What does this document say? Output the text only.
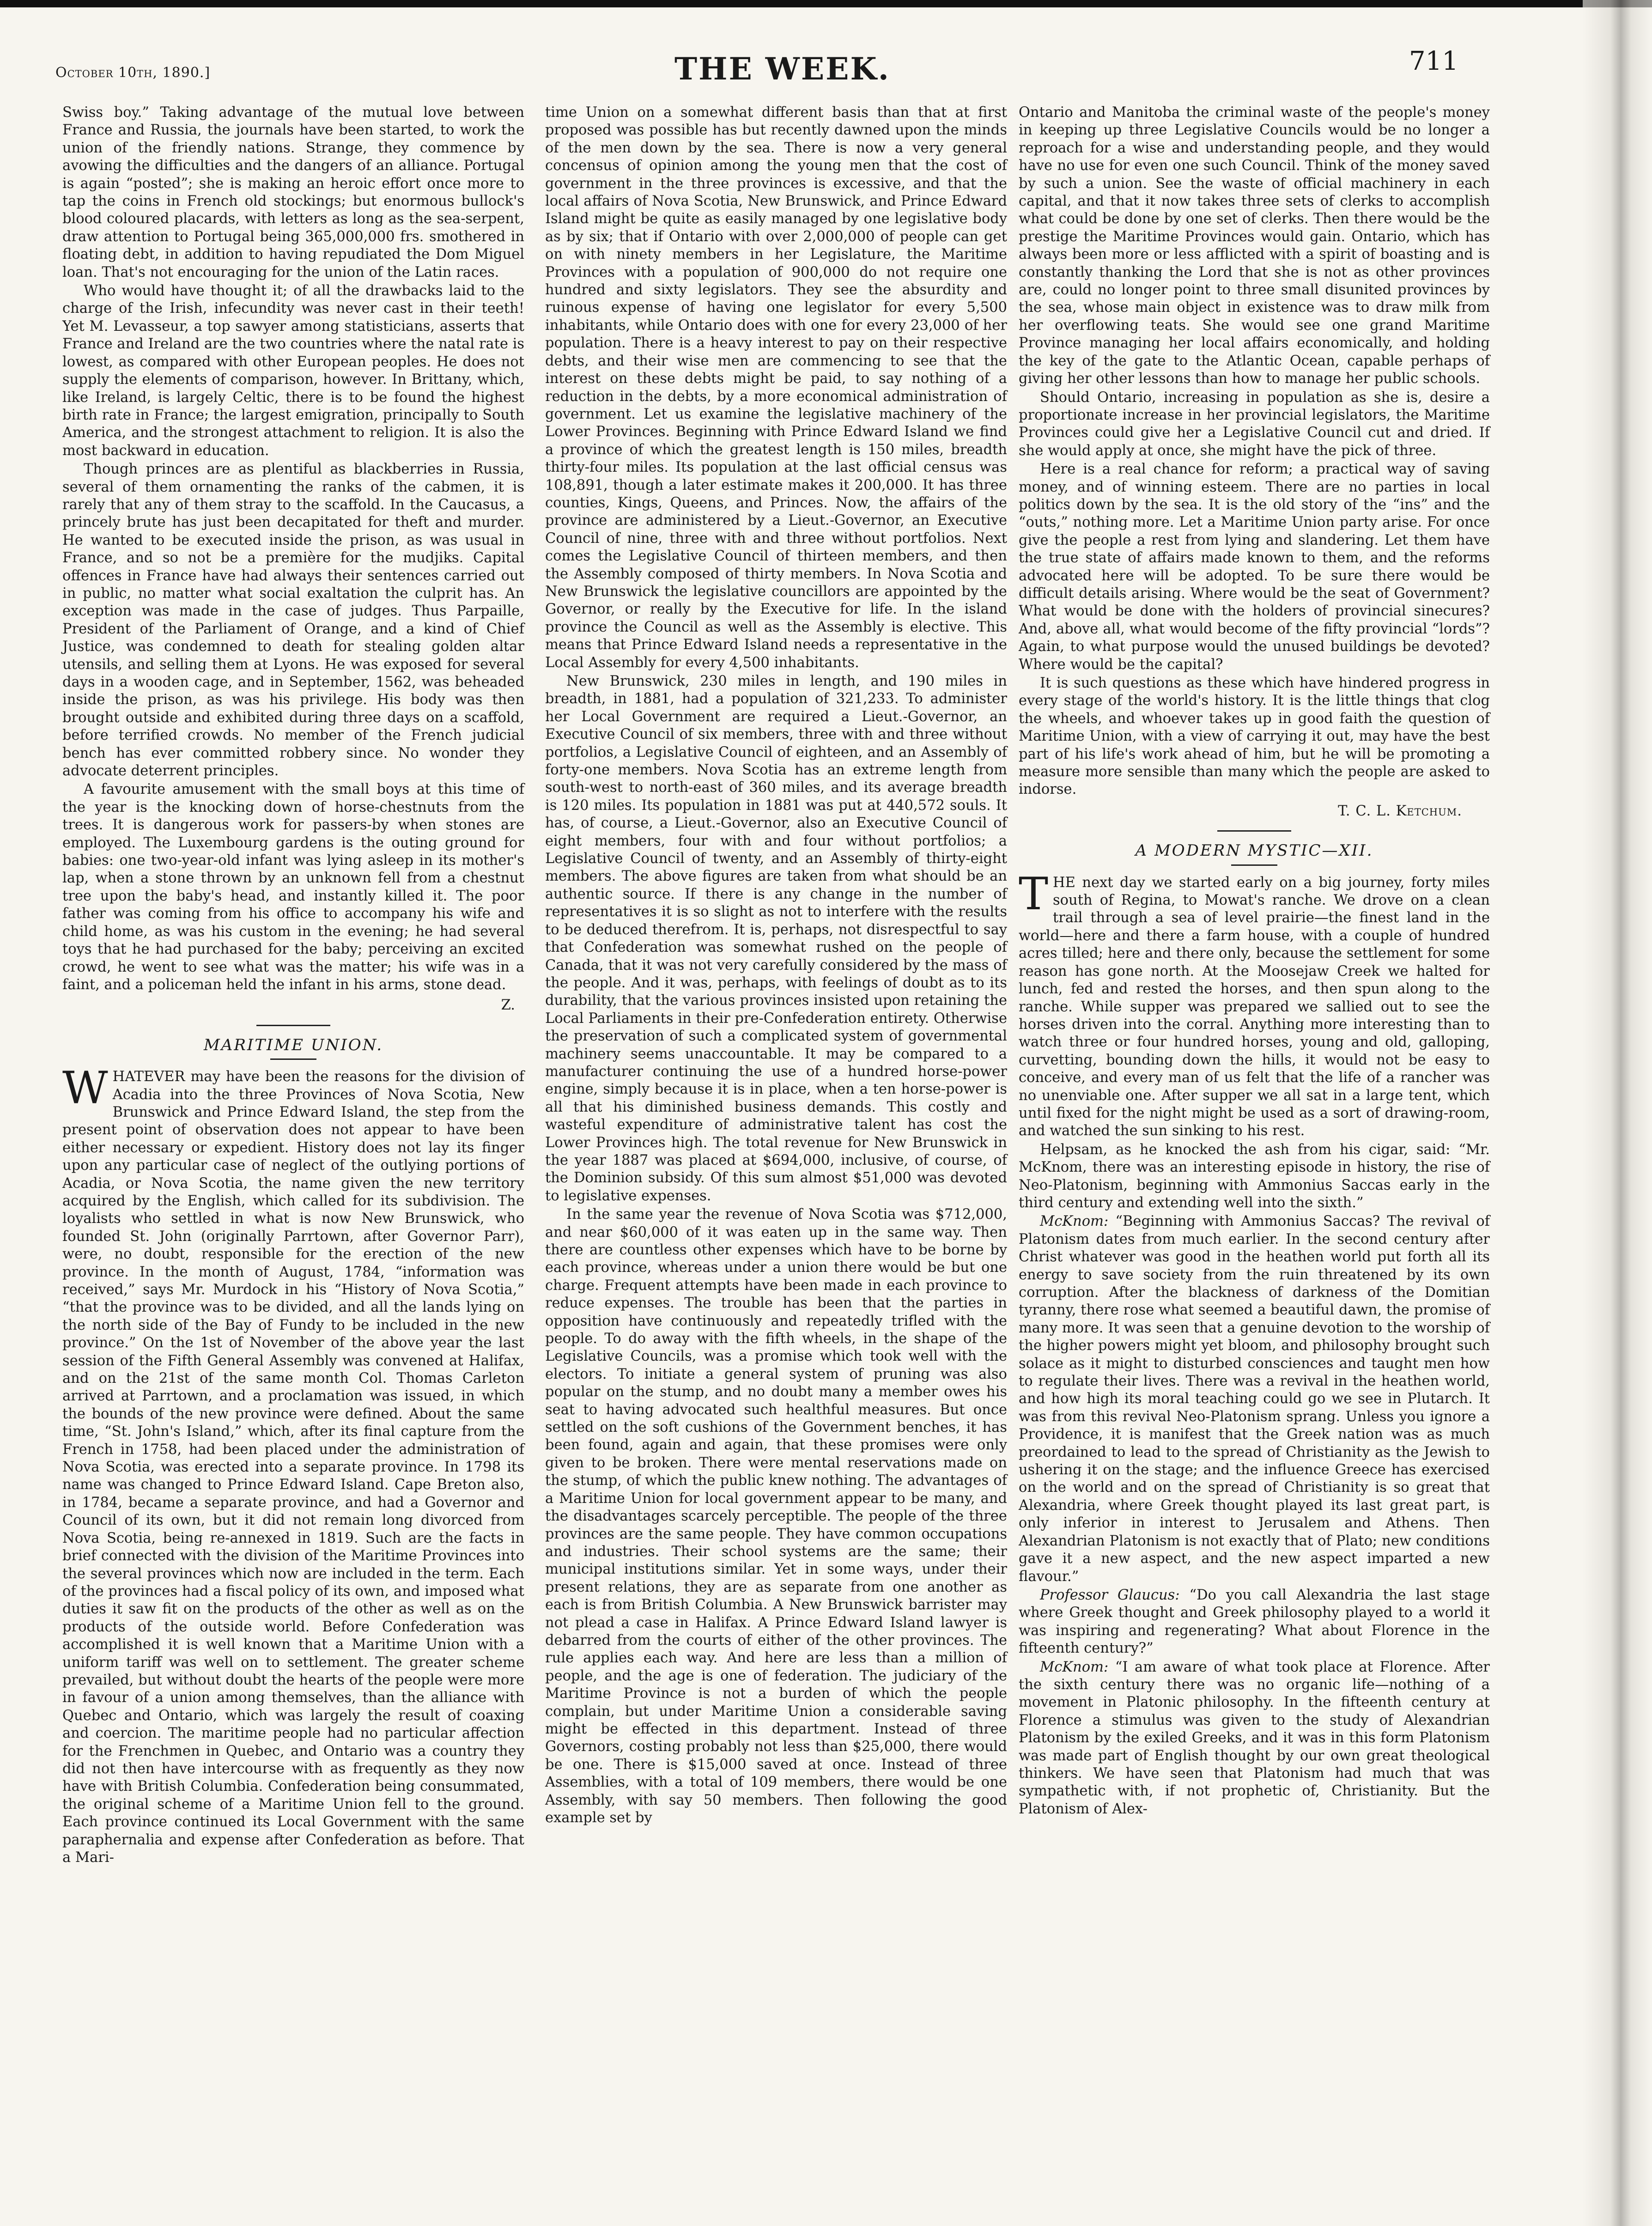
October 10th, 1890.]	THE WEEK.	711

Swiss boy.” Taking advantage of the mutual love between France and Russia, the journals have been started, to work the union of the friendly nations. Strange, they commence by avowing the difficulties and the dangers of an alliance. Portugal is again “posted”; she is making an heroic effort once more to tap the coins in French old stockings; but enormous bullock's blood coloured placards, with letters as long as the sea-serpent, draw attention to Portugal being 365,000,000 frs. smothered in floating debt, in addition to having repudiated the Dom Miguel loan. That's not encouraging for the union of the Latin races.

Who would have thought it; of all the drawbacks laid to the charge of the Irish, infecundity was never cast in their teeth! Yet M. Levasseur, a top sawyer among statisticians, asserts that France and Ireland are the two countries where the natal rate is lowest, as compared with other European peoples. He does not supply the elements of comparison, however. In Brittany, which, like Ireland, is largely Celtic, there is to be found the highest birth rate in France; the largest emigration, principally to South America, and the strongest attachment to religion. It is also the most backward in education.

Though princes are as plentiful as blackberries in Russia, several of them ornamenting the ranks of the cabmen, it is rarely that any of them stray to the scaffold. In the Caucasus, a princely brute has just been decapitated for theft and murder. He wanted to be executed inside the prison, as was usual in France, and so not be a première for the mudjiks. Capital offences in France have had always their sentences carried out in public, no matter what social exaltation the culprit has. An exception was made in the case of judges. Thus Parpaille, President of the Parliament of Orange, and a kind of Chief Justice, was condemned to death for stealing golden altar utensils, and selling them at Lyons. He was exposed for several days in a wooden cage, and in September, 1562, was beheaded inside the prison, as was his privilege. His body was then brought outside and exhibited during three days on a scaffold, before terrified crowds. No member of the French judicial bench has ever committed robbery since. No wonder they advocate deterrent principles.

A favourite amusement with the small boys at this time of the year is the knocking down of horse-chestnuts from the trees. It is dangerous work for passers-by when stones are employed. The Luxembourg gardens is the outing ground for babies: one two-year-old infant was lying asleep in its mother's lap, when a stone thrown by an unknown fell from a chestnut tree upon the baby's head, and instantly killed it. The poor father was coming from his office to accompany his wife and child home, as was his custom in the evening; he had several toys that he had purchased for the baby; perceiving an excited crowd, he went to see what was the matter; his wife was in a faint, and a policeman held the infant in his arms, stone dead.

Z.
MARITIME UNION.

WHATEVER may have been the reasons for the division of Acadia into the three Provinces of Nova Scotia, New Brunswick and Prince Edward Island, the step from the present point of observation does not appear to have been either necessary or expedient. History does not lay its finger upon any particular case of neglect of the outlying portions of Acadia, or Nova Scotia, the name given the new territory acquired by the English, which called for its subdivision. The loyalists who settled in what is now New Brunswick, who founded St. John (originally Parrtown, after Governor Parr), were, no doubt, responsible for the erection of the new province. In the month of August, 1784, “information was received,” says Mr. Murdock in his “History of Nova Scotia,” “that the province was to be divided, and all the lands lying on the north side of the Bay of Fundy to be included in the new province.” On the 1st of November of the above year the last session of the Fifth General Assembly was convened at Halifax, and on the 21st of the same month Col. Thomas Carleton arrived at Parrtown, and a proclamation was issued, in which the bounds of the new province were defined. About the same time, “St. John's Island,” which, after its final capture from the French in 1758, had been placed under the administration of Nova Scotia, was erected into a separate province. In 1798 its name was changed to Prince Edward Island. Cape Breton also, in 1784, became a separate province, and had a Governor and Council of its own, but it did not remain long divorced from Nova Scotia, being re-annexed in 1819. Such are the facts in brief connected with the division of the Maritime Provinces into the several provinces which now are included in the term. Each of the provinces had a fiscal policy of its own, and imposed what duties it saw fit on the products of the other as well as on the products of the outside world. Before Confederation was accomplished it is well known that a Maritime Union with a uniform tariff was well on to settlement. The greater scheme prevailed, but without doubt the hearts of the people were more in favour of a union among themselves, than the alliance with Quebec and Ontario, which was largely the result of coaxing and coercion. The maritime people had no particular affection for the Frenchmen in Quebec, and Ontario was a country they did not then have intercourse with as frequently as they now have with British Columbia. Confederation being consummated, the original scheme of a Maritime Union fell to the ground. Each province continued its Local Government with the same paraphernalia and expense after Confederation as before. That a Mari-

time Union on a somewhat different basis than that at first proposed was possible has but recently dawned upon the minds of the men down by the sea. There is now a very general concensus of opinion among the young men that the cost of government in the three provinces is excessive, and that the local affairs of Nova Scotia, New Brunswick, and Prince Edward Island might be quite as easily managed by one legislative body as by six; that if Ontario with over 2,000,000 of people can get on with ninety members in her Legislature, the Maritime Provinces with a population of 900,000 do not require one hundred and sixty legislators. They see the absurdity and ruinous expense of having one legislator for every 5,500 inhabitants, while Ontario does with one for every 23,000 of her population. There is a heavy interest to pay on their respective debts, and their wise men are commencing to see that the interest on these debts might be paid, to say nothing of a reduction in the debts, by a more economical administration of government. Let us examine the legislative machinery of the Lower Provinces. Beginning with Prince Edward Island we find a province of which the greatest length is 150 miles, breadth thirty-four miles. Its population at the last official census was 108,891, though a later estimate makes it 200,000. It has three counties, Kings, Queens, and Princes. Now, the affairs of the province are administered by a Lieut.-Governor, an Executive Council of nine, three with and three without portfolios. Next comes the Legislative Council of thirteen members, and then the Assembly composed of thirty members. In Nova Scotia and New Brunswick the legislative councillors are appointed by the Governor, or really by the Executive for life. In the island province the Council as well as the Assembly is elective. This means that Prince Edward Island needs a representative in the Local Assembly for every 4,500 inhabitants.

New Brunswick, 230 miles in length, and 190 miles in breadth, in 1881, had a population of 321,233. To administer her Local Government are required a Lieut.-Governor, an Executive Council of six members, three with and three without portfolios, a Legislative Council of eighteen, and an Assembly of forty-one members. Nova Scotia has an extreme length from south-west to north-east of 360 miles, and its average breadth is 120 miles. Its population in 1881 was put at 440,572 souls. It has, of course, a Lieut.-Governor, also an Executive Council of eight members, four with and four without portfolios; a Legislative Council of twenty, and an Assembly of thirty-eight members. The above figures are taken from what should be an authentic source. If there is any change in the number of representatives it is so slight as not to interfere with the results to be deduced therefrom. It is, perhaps, not disrespectful to say that Confederation was somewhat rushed on the people of Canada, that it was not very carefully considered by the mass of the people. And it was, perhaps, with feelings of doubt as to its durability, that the various provinces insisted upon retaining the Local Parliaments in their pre-Confederation entirety. Otherwise the preservation of such a complicated system of governmental machinery seems unaccountable. It may be compared to a manufacturer continuing the use of a hundred horse-power engine, simply because it is in place, when a ten horse-power is all that his diminished business demands. This costly and wasteful expenditure of administrative talent has cost the Lower Provinces high. The total revenue for New Brunswick in the year 1887 was placed at $694,000, inclusive, of course, of the Dominion subsidy. Of this sum almost $51,000 was devoted to legislative expenses.

In the same year the revenue of Nova Scotia was $712,000, and near $60,000 of it was eaten up in the same way. Then there are countless other expenses which have to be borne by each province, whereas under a union there would be but one charge. Frequent attempts have been made in each province to reduce expenses. The trouble has been that the parties in opposition have continuously and repeatedly trifled with the people. To do away with the fifth wheels, in the shape of the Legislative Councils, was a promise which took well with the electors. To initiate a general system of pruning was also popular on the stump, and no doubt many a member owes his seat to having advocated such healthful measures. But once settled on the soft cushions of the Government benches, it has been found, again and again, that these promises were only given to be broken. There were mental reservations made on the stump, of which the public knew nothing. The advantages of a Maritime Union for local government appear to be many, and the disadvantages scarcely perceptible. The people of the three provinces are the same people. They have common occupations and industries. Their school systems are the same; their municipal institutions similar. Yet in some ways, under their present relations, they are as separate from one another as each is from British Columbia. A New Brunswick barrister may not plead a case in Halifax. A Prince Edward Island lawyer is debarred from the courts of either of the other provinces. The rule applies each way. And here are less than a million of people, and the age is one of federation. The judiciary of the Maritime Province is not a burden of which the people complain, but under Maritime Union a considerable saving might be effected in this department. Instead of three Governors, costing probably not less than $25,000, there would be one. There is $15,000 saved at once. Instead of three Assemblies, with a total of 109 members, there would be one Assembly, with say 50 members. Then following the good example set by

Ontario and Manitoba the criminal waste of the people's money in keeping up three Legislative Councils would be no longer a reproach for a wise and understanding people, and they would have no use for even one such Council. Think of the money saved by such a union. See the waste of official machinery in each capital, and that it now takes three sets of clerks to accomplish what could be done by one set of clerks. Then there would be the prestige the Maritime Provinces would gain. Ontario, which has always been more or less afflicted with a spirit of boasting and is constantly thanking the Lord that she is not as other provinces are, could no longer point to three small disunited provinces by the sea, whose main object in existence was to draw milk from her overflowing teats. She would see one grand Maritime Province managing her local affairs economically, and holding the key of the gate to the Atlantic Ocean, capable perhaps of giving her other lessons than how to manage her public schools.

Should Ontario, increasing in population as she is, desire a proportionate increase in her provincial legislators, the Maritime Provinces could give her a Legislative Council cut and dried. If she would apply at once, she might have the pick of three.

Here is a real chance for reform; a practical way of saving money, and of winning esteem. There are no parties in local politics down by the sea. It is the old story of the “ins” and the “outs,” nothing more. Let a Maritime Union party arise. For once give the people a rest from lying and slandering. Let them have the true state of affairs made known to them, and the reforms advocated here will be adopted. To be sure there would be difficult details arising. Where would be the seat of Government? What would be done with the holders of provincial sinecures? And, above all, what would become of the fifty provincial “lords”? Again, to what purpose would the unused buildings be devoted? Where would be the capital?

It is such questions as these which have hindered progress in every stage of the world's history. It is the little things that clog the wheels, and whoever takes up in good faith the question of Maritime Union, with a view of carrying it out, may have the best part of his life's work ahead of him, but he will be promoting a measure more sensible than many which the people are asked to indorse.

T. C. L. Ketchum.
A MODERN MYSTIC—XII.

THE next day we started early on a big journey, forty miles south of Regina, to Mowat's ranche. We drove on a clean trail through a sea of level prairie—the finest land in the world—here and there a farm house, with a couple of hundred acres tilled; here and there only, because the settlement for some reason has gone north. At the Moosejaw Creek we halted for lunch, fed and rested the horses, and then spun along to the ranche. While supper was prepared we sallied out to see the horses driven into the corral. Anything more interesting than to watch three or four hundred horses, young and old, galloping, curvetting, bounding down the hills, it would not be easy to conceive, and every man of us felt that the life of a rancher was no unenviable one. After supper we all sat in a large tent, which until fixed for the night might be used as a sort of drawing-room, and watched the sun sinking to his rest.

Helpsam, as he knocked the ash from his cigar, said: “Mr. McKnom, there was an interesting episode in history, the rise of Neo-Platonism, beginning with Ammonius Saccas early in the third century and extending well into the sixth.”

McKnom: “Beginning with Ammonius Saccas? The revival of Platonism dates from much earlier. In the second century after Christ whatever was good in the heathen world put forth all its energy to save society from the ruin threatened by its own corruption. After the blackness of darkness of the Domitian tyranny, there rose what seemed a beautiful dawn, the promise of many more. It was seen that a genuine devotion to the worship of the higher powers might yet bloom, and philosophy brought such solace as it might to disturbed consciences and taught men how to regulate their lives. There was a revival in the heathen world, and how high its moral teaching could go we see in Plutarch. It was from this revival Neo-Platonism sprang. Unless you ignore a Providence, it is manifest that the Greek nation was as much preordained to lead to the spread of Christianity as the Jewish to ushering it on the stage; and the influence Greece has exercised on the world and on the spread of Christianity is so great that Alexandria, where Greek thought played its last great part, is only inferior in interest to Jerusalem and Athens. Then Alexandrian Platonism is not exactly that of Plato; new conditions gave it a new aspect, and the new aspect imparted a new flavour.”

Professor Glaucus: “Do you call Alexandria the last stage where Greek thought and Greek philosophy played to a world it was inspiring and regenerating? What about Florence in the fifteenth century?”

McKnom: “I am aware of what took place at Florence. After the sixth century there was no organic life—nothing of a movement in Platonic philosophy. In the fifteenth century at Florence a stimulus was given to the study of Alexandrian Platonism by the exiled Greeks, and it was in this form Platonism was made part of English thought by our own great theological thinkers. We have seen that Platonism had much that was sympathetic with, if not prophetic of, Christianity. But the Platonism of Alex-
